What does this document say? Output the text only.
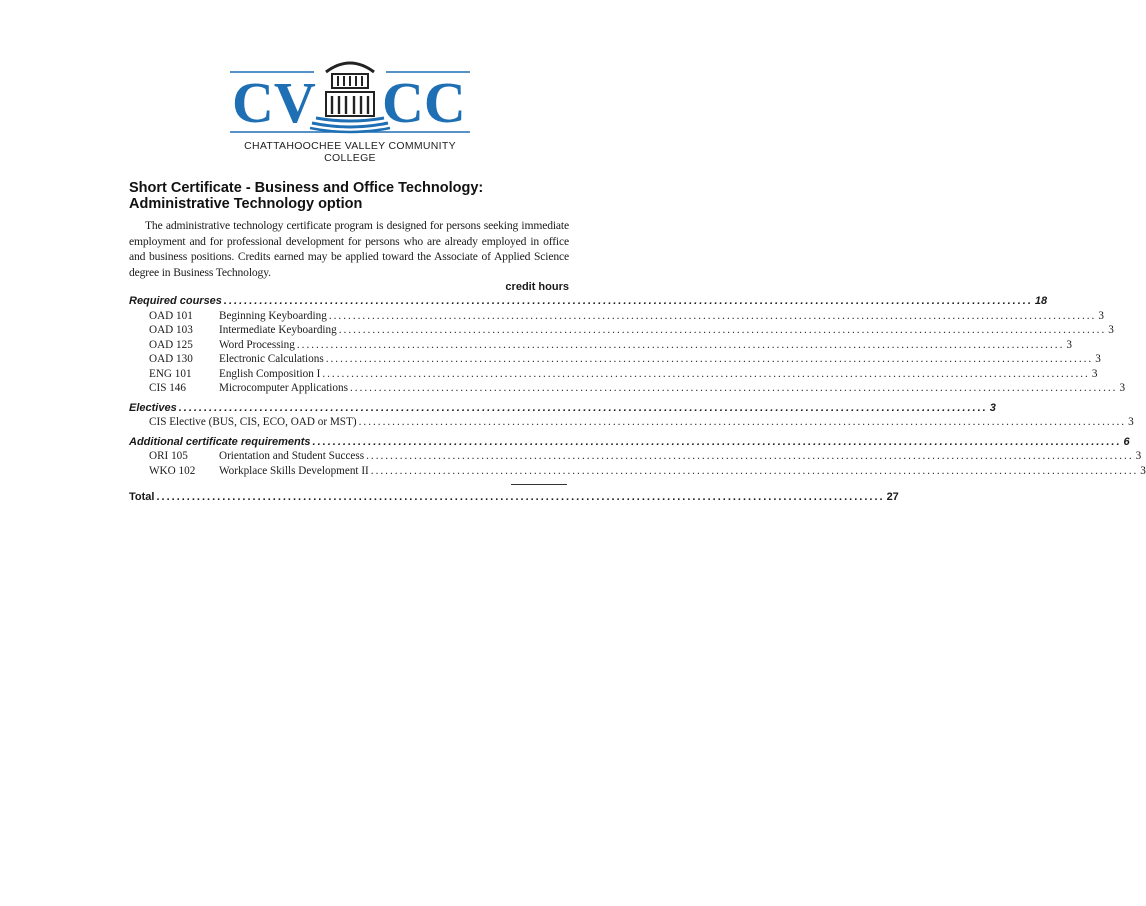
CV CC
CHATTAHOOCHEE VALLEY COMMUNITY COLLEGE
Short Certificate - Business and Office Technology:
Administrative Technology option

The administrative technology certificate program is designed for persons seeking immediate employment and for professional development for persons who are already employed in office and business positions. Credits earned may be applied toward the Associate of Applied Science degree in Business Technology.

credit hours
Required courses ................................................................................................................................................................ 18
OAD 101 Beginning Keyboarding ................................................................................................................................................................ 3
OAD 103 Intermediate Keyboarding ................................................................................................................................................................ 3
OAD 125 Word Processing ................................................................................................................................................................ 3
OAD 130 Electronic Calculations ................................................................................................................................................................ 3
ENG 101 English Composition I ................................................................................................................................................................ 3
CIS 146	Microcomputer Applications ................................................................................................................................................................ 3
Electives ................................................................................................................................................................ 3
CIS Elective (BUS, CIS, ECO, OAD or MST) ................................................................................................................................................................ 3
Additional certificate requirements ................................................................................................................................................................ 6
ORI 105	Orientation and Student Success ................................................................................................................................................................ 3
WKO 102 Workplace Skills Development II ................................................................................................................................................................ 3
Total ................................................................................................................................................ 27
